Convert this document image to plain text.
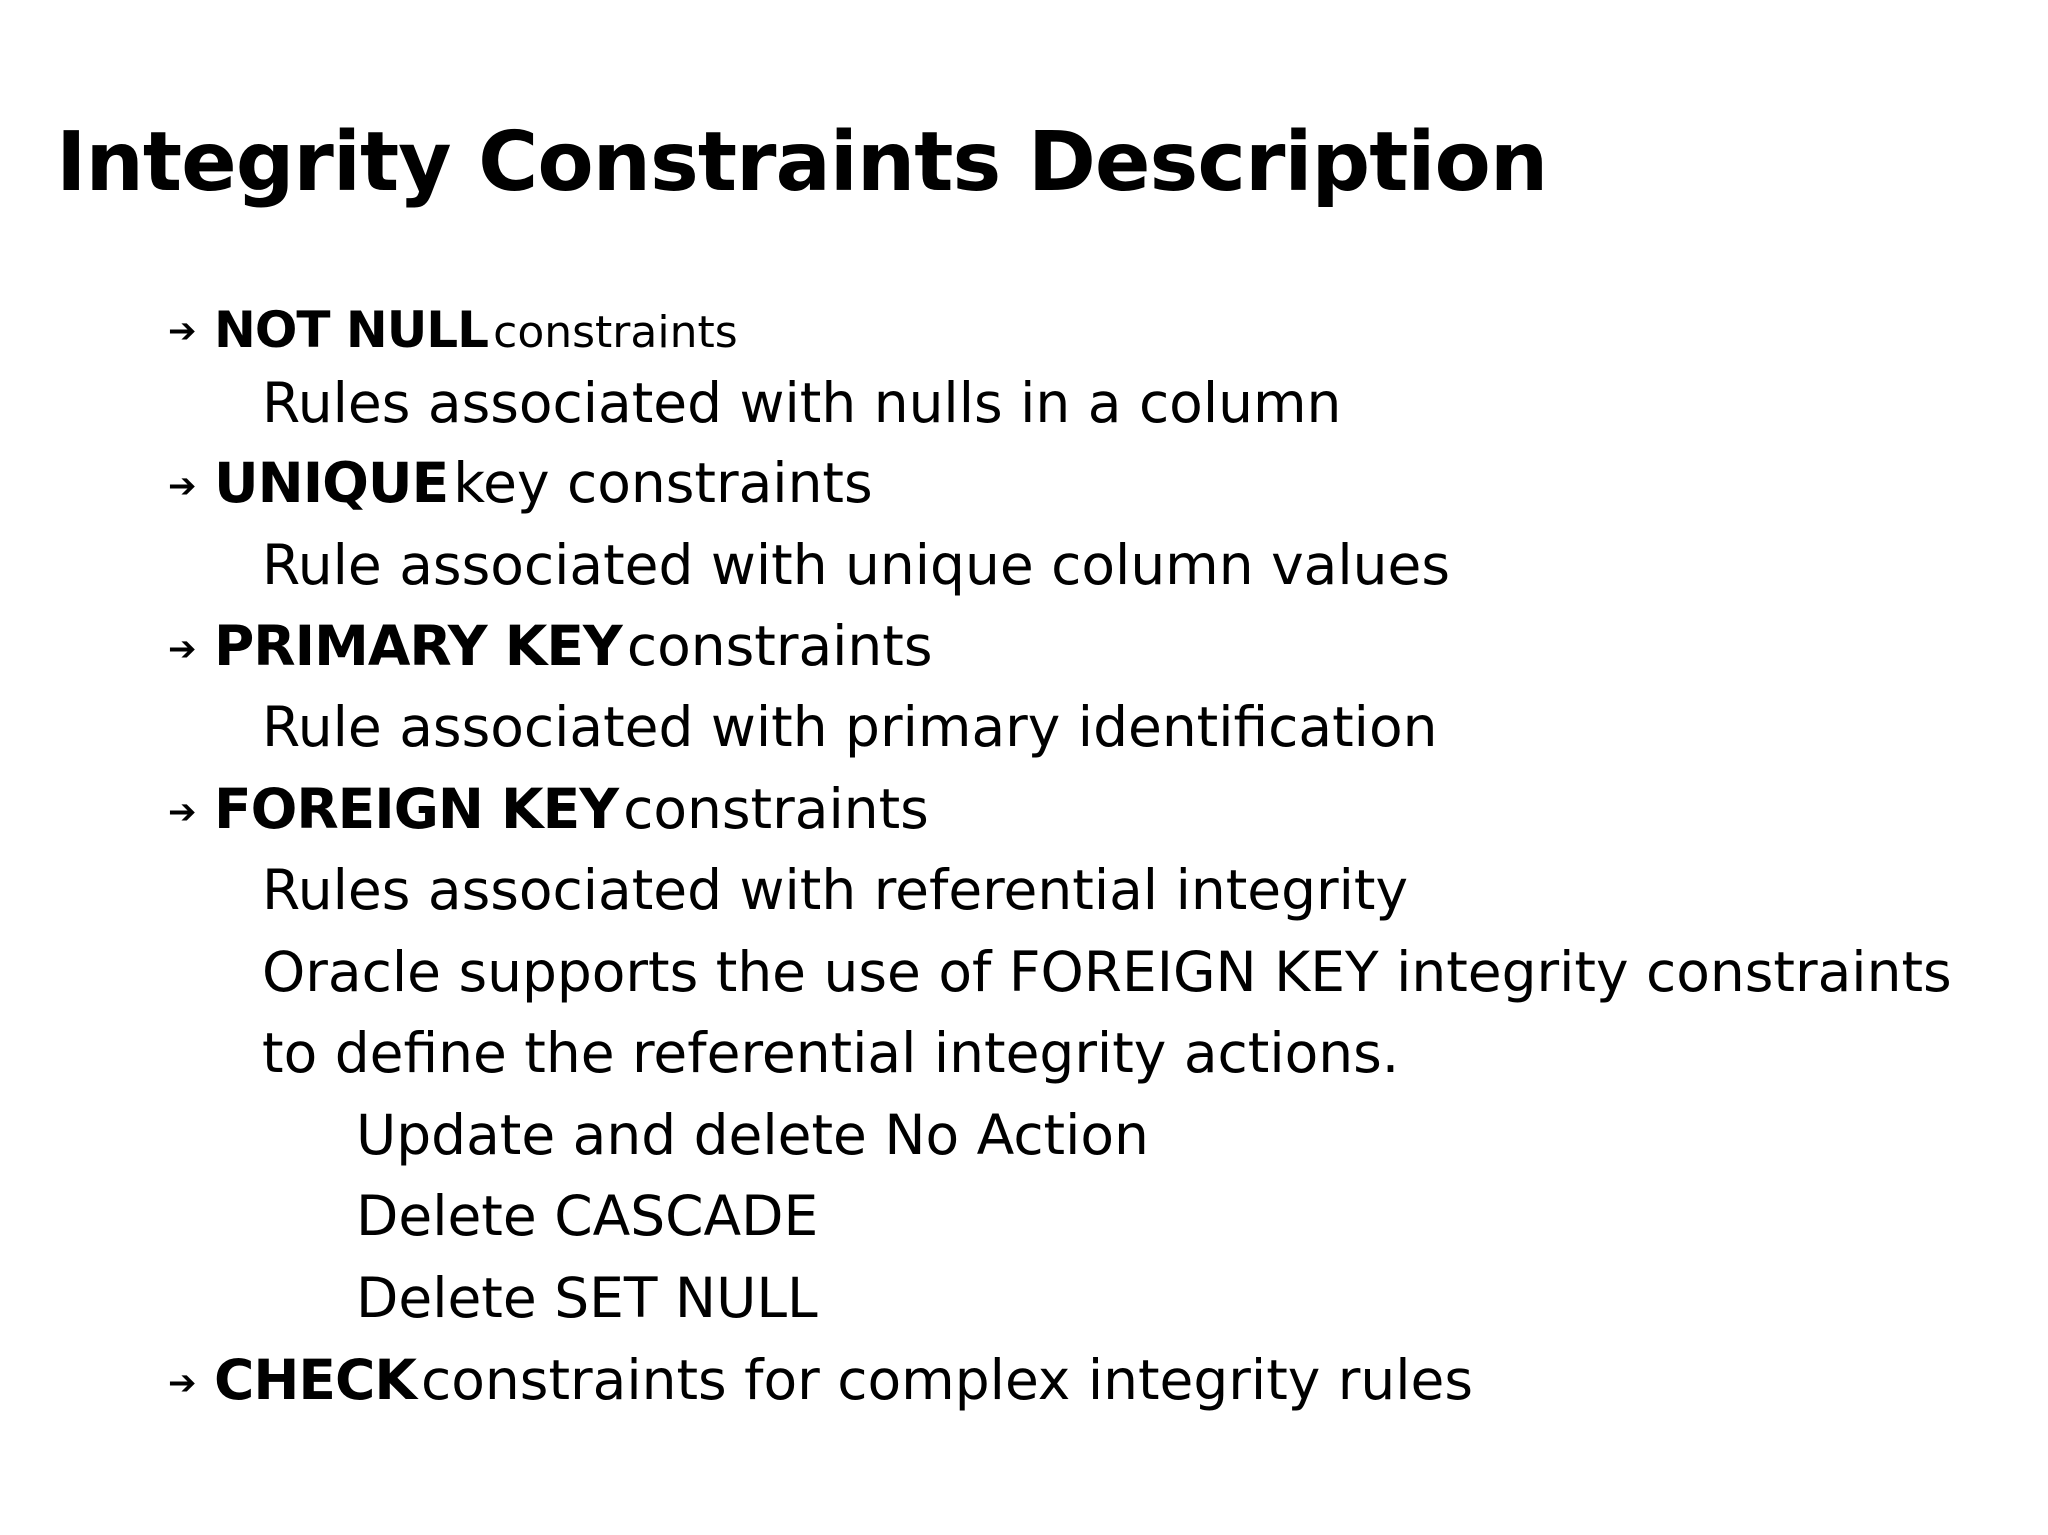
Integrity Constraints Description
➔ NOT NULL constraints
Rules associated with nulls in a column
➔ UNIQUE key constraints
Rule associated with unique column values
➔ PRIMARY KEY constraints
Rule associated with primary identification
➔ FOREIGN KEY constraints
Rules associated with referential integrity
Oracle supports the use of FOREIGN KEY integrity constraints
to define the referential integrity actions.
Update and delete No Action
Delete CASCADE
Delete SET NULL
➔ CHECK constraints for complex integrity rules
